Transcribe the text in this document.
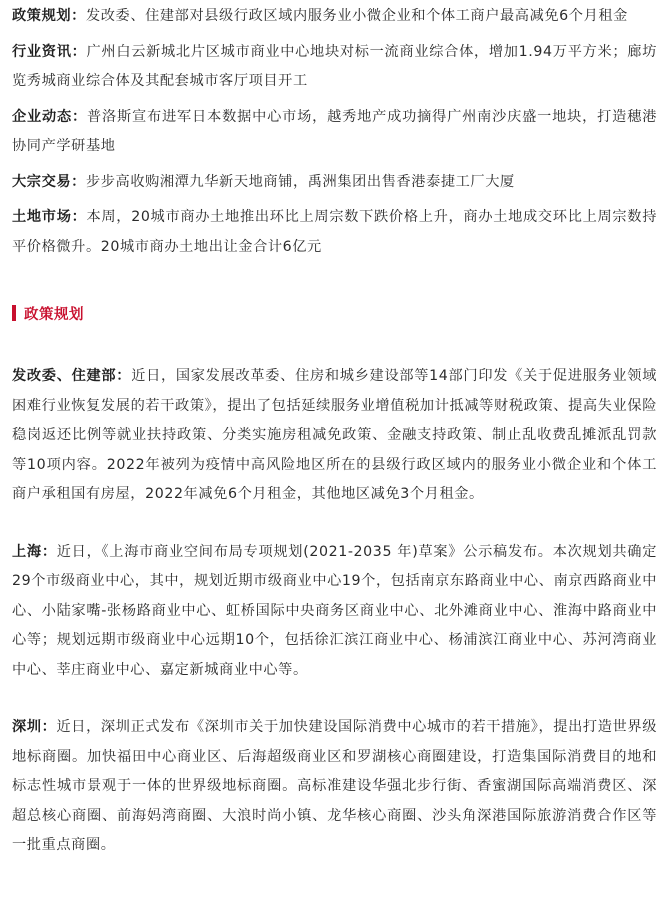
政策规划：发改委、住建部对县级行政区域内服务业小微企业和个体工商户最高减免6个月租金

行业资讯：广州白云新城北片区城市商业中心地块对标一流商业综合体，增加1.94万平方米；廊坊览秀城商业综合体及其配套城市客厅项目开工

企业动态：普洛斯宣布进军日本数据中心市场，越秀地产成功摘得广州南沙庆盛一地块，打造穗港协同产学研基地

大宗交易：步步高收购湘潭九华新天地商铺，禹洲集团出售香港泰捷工厂大厦

土地市场：本周，20城市商办土地推出环比上周宗数下跌价格上升，商办土地成交环比上周宗数持平价格微升。20城市商办土地出让金合计6亿元

政策规划

发改委、住建部：近日，国家发展改革委、住房和城乡建设部等14部门印发《关于促进服务业领域困难行业恢复发展的若干政策》，提出了包括延续服务业增值税加计抵减等财税政策、提高失业保险稳岗返还比例等就业扶持政策、分类实施房租减免政策、金融支持政策、制止乱收费乱摊派乱罚款等10项内容。2022年被列为疫情中高风险地区所在的县级行政区域内的服务业小微企业和个体工商户承租国有房屋，2022年减免6个月租金，其他地区减免3个月租金。

上海：近日，《上海市商业空间布局专项规划(2021-2035 年)草案》公示稿发布。本次规划共确定29个市级商业中心，其中，规划近期市级商业中心19个，包括南京东路商业中心、南京西路商业中心、小陆家嘴-张杨路商业中心、虹桥国际中央商务区商业中心、北外滩商业中心、淮海中路商业中心等；规划远期市级商业中心远期10个，包括徐汇滨江商业中心、杨浦滨江商业中心、苏河湾商业中心、莘庄商业中心、嘉定新城商业中心等。

深圳：近日，深圳正式发布《深圳市关于加快建设国际消费中心城市的若干措施》，提出打造世界级地标商圈。加快福田中心商业区、后海超级商业区和罗湖核心商圈建设，打造集国际消费目的地和标志性城市景观于一体的世界级地标商圈。高标准建设华强北步行街、香蜜湖国际高端消费区、深超总核心商圈、前海妈湾商圈、大浪时尚小镇、龙华核心商圈、沙头角深港国际旅游消费合作区等一批重点商圈。
